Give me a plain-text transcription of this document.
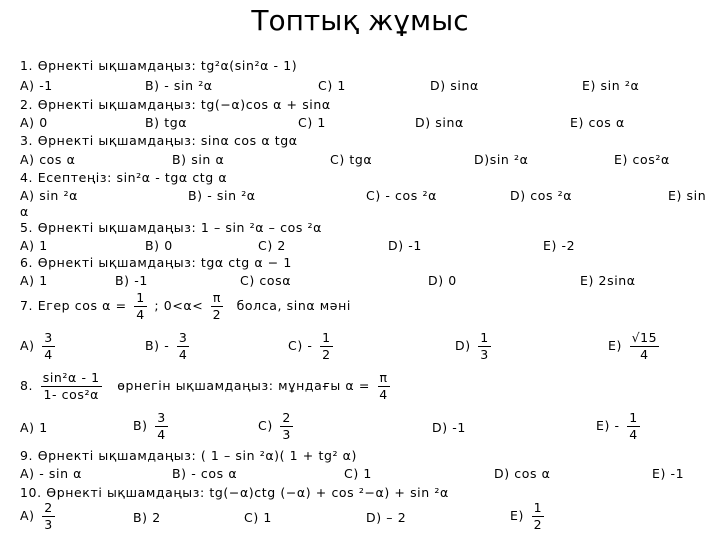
Топтық жұмыс
1. Өрнекті ықшамдаңыз: tg²α(sin²α - 1)
A) -1	B) - sin ²α	C) 1	D) sinα	E) sin ²α
2. Өрнекті ықшамдаңыз: tg(−α)cos α + sinα
A) 0	B) tgα	C) 1	D) sinα	E) cos α
3. Өрнекті ықшамдаңыз: sinα cos α tgα
A) cos α	B) sin α	C) tgα	D)sin ²α	E) cos²α
4. Есептеңіз: sin²α - tgα ctg α
A) sin ²α	B) - sin ²α	C) - cos ²α	D) cos ²α	E) sin
α
5. Өрнекті ықшамдаңыз: 1 – sin ²α – cos ²α
A) 1	B) 0	C) 2	D) -1	E) -2
6. Өрнекті ықшамдаңыз: tgα ctg α − 1
A) 1	B) -1	C) cosα	D) 0	E) 2sinα
7. Егер $\cos \alpha = \frac{1}{4}$ ; $0<\alpha< \frac{\pi}{2}$ болса, sinα мәні
$A) \frac{3}{4}$	$B) - \frac{3}{4}$	$C) - \frac{1}{2}$	$D) \frac{1}{3}$	$E) \frac{√15}{4}$
8. $\frac{\text{sin²α - 1}}{\text{1- cos²α}}$ өрнегін ықшамдаңыз: мұндағы $\alpha = \frac{\pi}{4}$
A) 1	$B) \frac{3}{4}$	$C) \frac{2}{3}$	D) -1	$E) - \frac{1}{4}$
9. Өрнекті ықшамдаңыз: ( 1 – sin ²α)( 1 + tg² α)
A) - sin α	B) - cos α	C) 1	D) cos α	E) -1
10. Өрнекті ықшамдаңыз: tg(−α)ctg (−α) + cos ²−α) + sin ²α
$A) \frac{2}{3}$	B) 2	C) 1	D) – 2	$E) \frac{1}{2}$
